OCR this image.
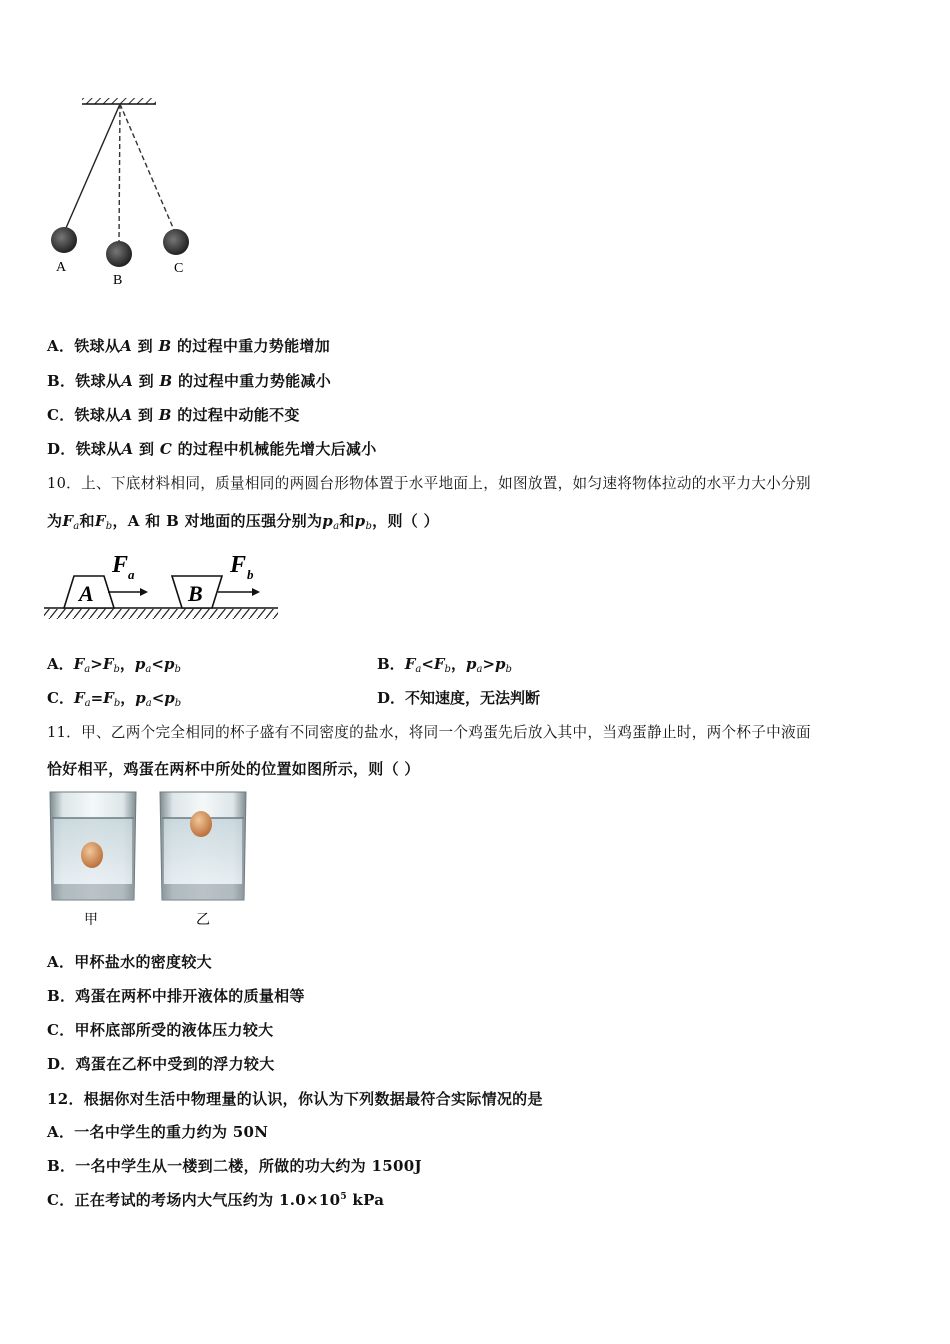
A
B
C
A．铁球从A 到 B 的过程中重力势能增加
B．铁球从A 到 B 的过程中重力势能减小
C．铁球从A 到 B 的过程中动能不变
D．铁球从A 到 C 的过程中机械能先增大后减小
10．上、下底材料相同，质量相同的两圆台形物体置于水平地面上，如图放置，如匀速将物体拉动的水平力大小分别
为$F_a$和$F_b$，A 和 B 对地面的压强分别为$p_a$和$p_b$，则（ ）
A	B
F a	F b
A．$F_a>F_b$，$p_a<p_b$	B．$F_a<F_b$，$p_a>p_b$
C．$F_a=F_b$，$p_a<p_b$	D．不知速度，无法判断
11．甲、乙两个完全相同的杯子盛有不同密度的盐水，将同一个鸡蛋先后放入其中，当鸡蛋静止时，两个杯子中液面
恰好相平，鸡蛋在两杯中所处的位置如图所示，则（ ）
甲	乙
A．甲杯盐水的密度较大
B．鸡蛋在两杯中排开液体的质量相等
C．甲杯底部所受的液体压力较大
D．鸡蛋在乙杯中受到的浮力较大
12．根据你对生活中物理量的认识，你认为下列数据最符合实际情况的是
A．一名中学生的重力约为 50N
B．一名中学生从一楼到二楼，所做的功大约为 1500J
C．正在考试的考场内大气压约为 $1.0\times 10^5$ kPa
